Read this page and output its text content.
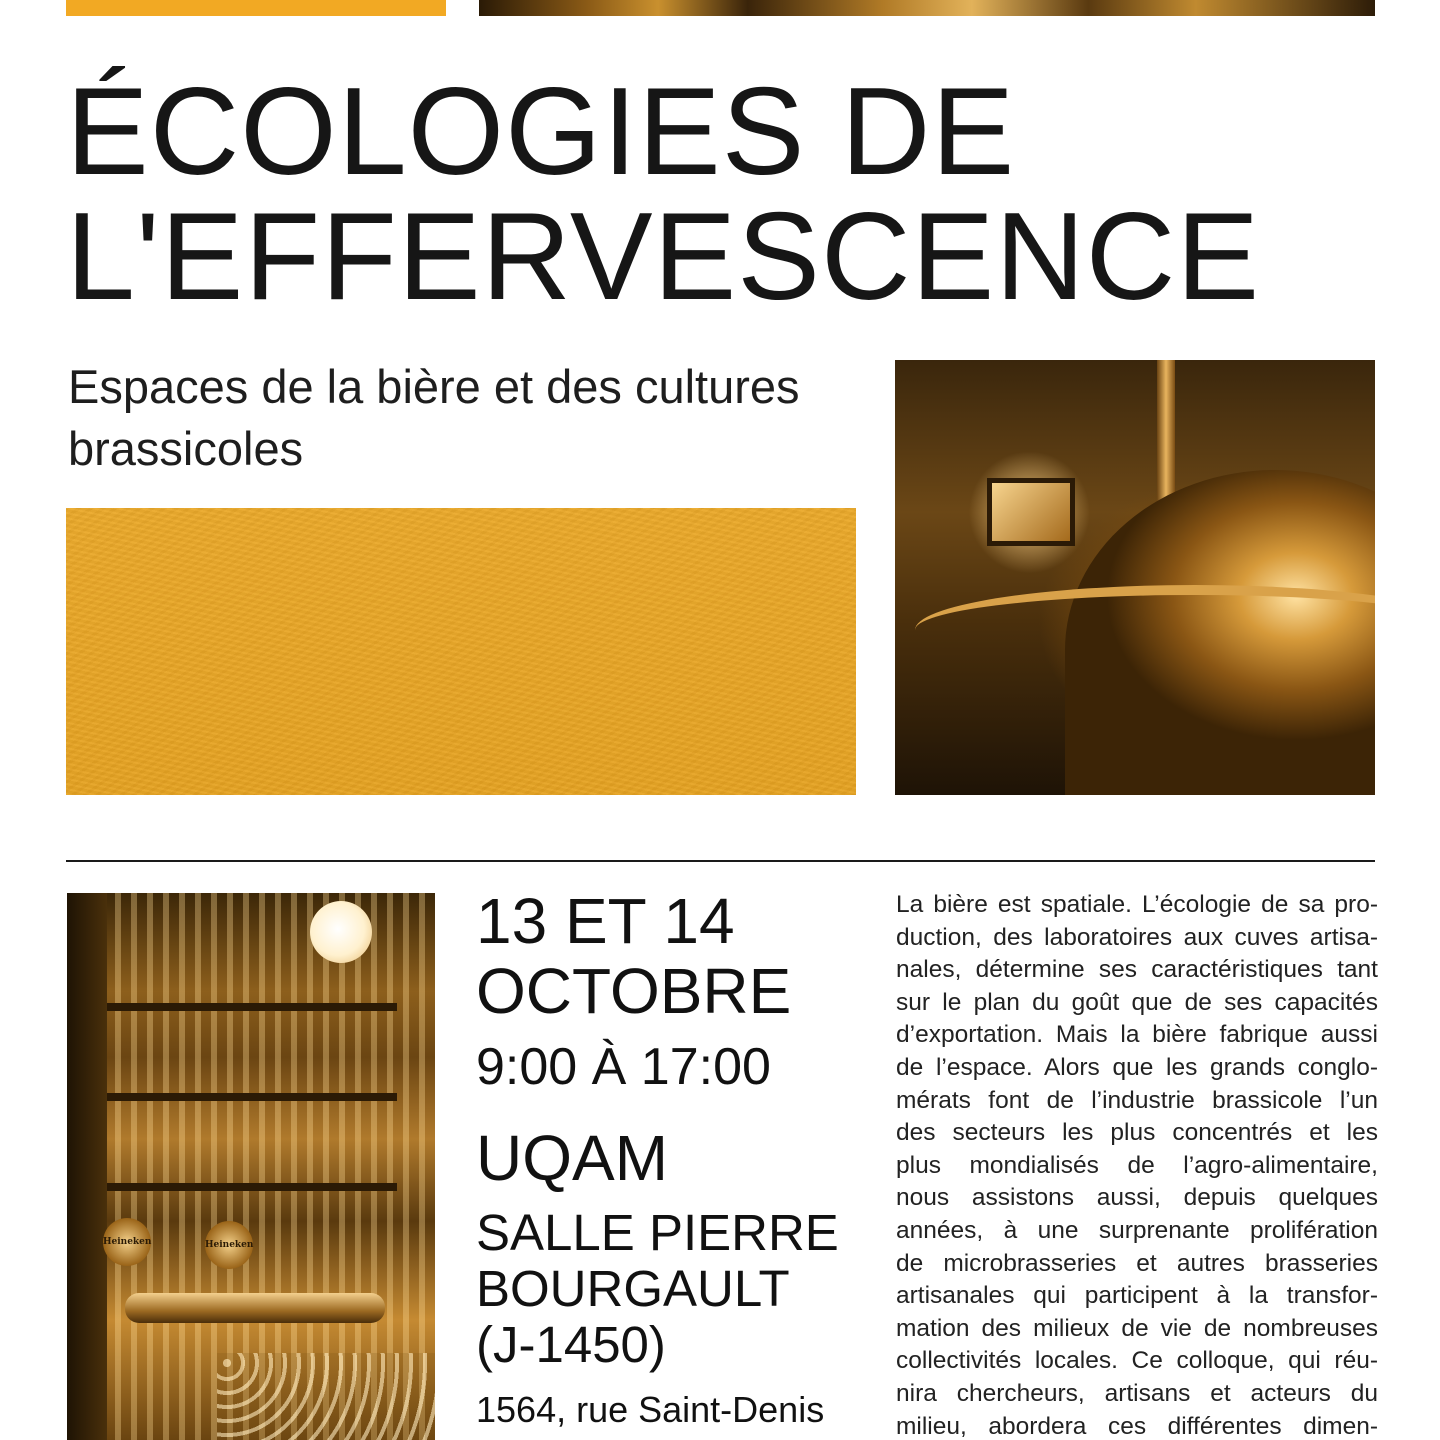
ÉCOLOGIES DE
L'EFFERVESCENCE

Espaces de la bière et des cultures brassicoles

Heineken	Heineken

13 ET 14

OCTOBRE

9:00 À 17:00

UQAM

SALLE PIERRE

BOURGAULT

(J-1450)

1564, rue Saint-Denis

La bière est spatiale. L’écologie de sa pro-
duction, des laboratoires aux cuves artisa-
nales, détermine ses caractéristiques tant
sur le plan du goût que de ses capacités
d’exportation. Mais la bière fabrique aussi
de l’espace. Alors que les grands conglo-
mérats font de l’industrie brassicole l’un
des secteurs les plus concentrés et les
plus mondialisés de l’agro-alimentaire,
nous assistons aussi, depuis quelques
années, à une surprenante prolifération
de microbrasseries et autres brasseries
artisanales qui participent à la transfor-
mation des milieux de vie de nombreuses
collectivités locales. Ce colloque, qui réu-
nira chercheurs, artisans et acteurs du
milieu, abordera ces différentes dimen-
